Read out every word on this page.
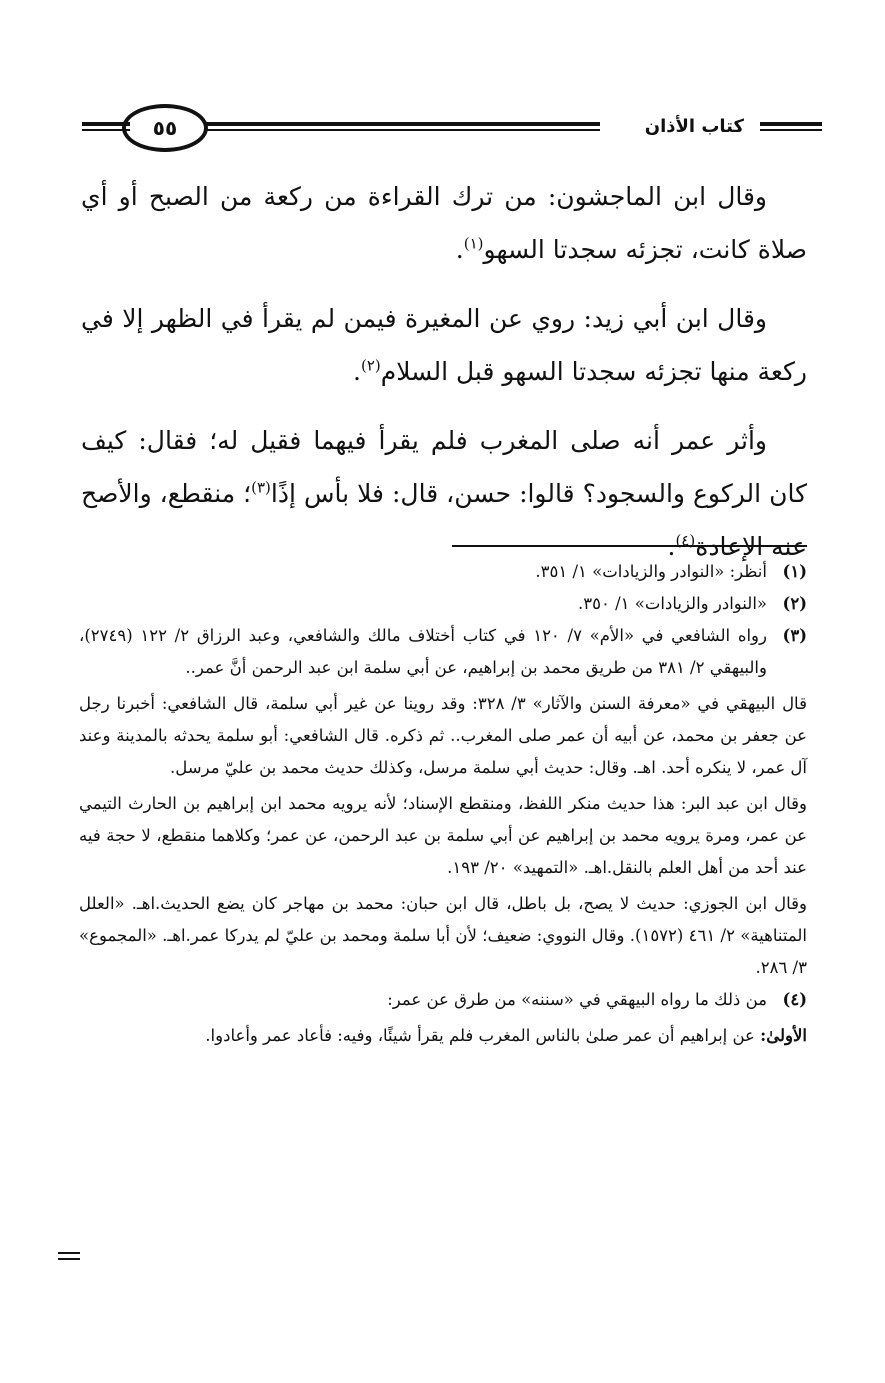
كتاب الأذان
٥٥

وقال ابن الماجشون: من ترك القراءة من ركعة من الصبح أو أي صلاة كانت، تجزئه سجدتا السهو$^{(١)}$.

وقال ابن أبي زيد: روي عن المغيرة فيمن لم يقرأ في الظهر إلا في ركعة منها تجزئه سجدتا السهو قبل السلام$^{(٢)}$.

وأثر عمر أنه صلى المغرب فلم يقرأ فيهما فقيل له؛ فقال: كيف كان الركوع والسجود؟ قالوا: حسن، قال: فلا بأس إذًا$^{(٣)}$؛ منقطع، والأصح عنه الإعادة$^{(٤)}$.

(١)
أنظر: «النوادر والزيادات» ١/ ٣٥١.
(٢)
«النوادر والزيادات» ١/ ٣٥٠.
(٣)
رواه الشافعي في «الأم» ٧/ ١٢٠ في كتاب أختلاف مالك والشافعي، وعبد الرزاق ٢/ ١٢٢ (٢٧٤٩)، والبيهقي ٢/ ٣٨١ من طريق محمد بن إبراهيم، عن أبي سلمة ابن عبد الرحمن أنَّ عمر..
قال البيهقي في «معرفة السنن والآثار» ٣/ ٣٢٨: وقد روينا عن غير أبي سلمة، قال الشافعي: أخبرنا رجل عن جعفر بن محمد، عن أبيه أن عمر صلى المغرب.. ثم ذكره. قال الشافعي: أبو سلمة يحدثه بالمدينة وعند آل عمر، لا ينكره أحد. اهـ. وقال: حديث أبي سلمة مرسل، وكذلك حديث محمد بن عليّ مرسل.
وقال ابن عبد البر: هذا حديث منكر اللفظ، ومنقطع الإسناد؛ لأنه يرويه محمد ابن إبراهيم بن الحارث التيمي عن عمر، ومرة يرويه محمد بن إبراهيم عن أبي سلمة بن عبد الرحمن، عن عمر؛ وكلاهما منقطع، لا حجة فيه عند أحد من أهل العلم بالنقل.اهـ. «التمهيد» ٢٠/ ١٩٣.
وقال ابن الجوزي: حديث لا يصح، بل باطل، قال ابن حبان: محمد بن مهاجر كان يضع الحديث.اهـ. «العلل المتناهية» ٢/ ٤٦١ (١٥٧٢). وقال النووي: ضعيف؛ لأن أبا سلمة ومحمد بن عليّ لم يدركا عمر.اهـ. «المجموع» ٣/ ٢٨٦.
(٤)
من ذلك ما رواه البيهقي في «سننه» من طرق عن عمر:
الأولىٰ: عن إبراهيم أن عمر صلىٰ بالناس المغرب فلم يقرأ شيئًا، وفيه: فأعاد عمر وأعادوا.
